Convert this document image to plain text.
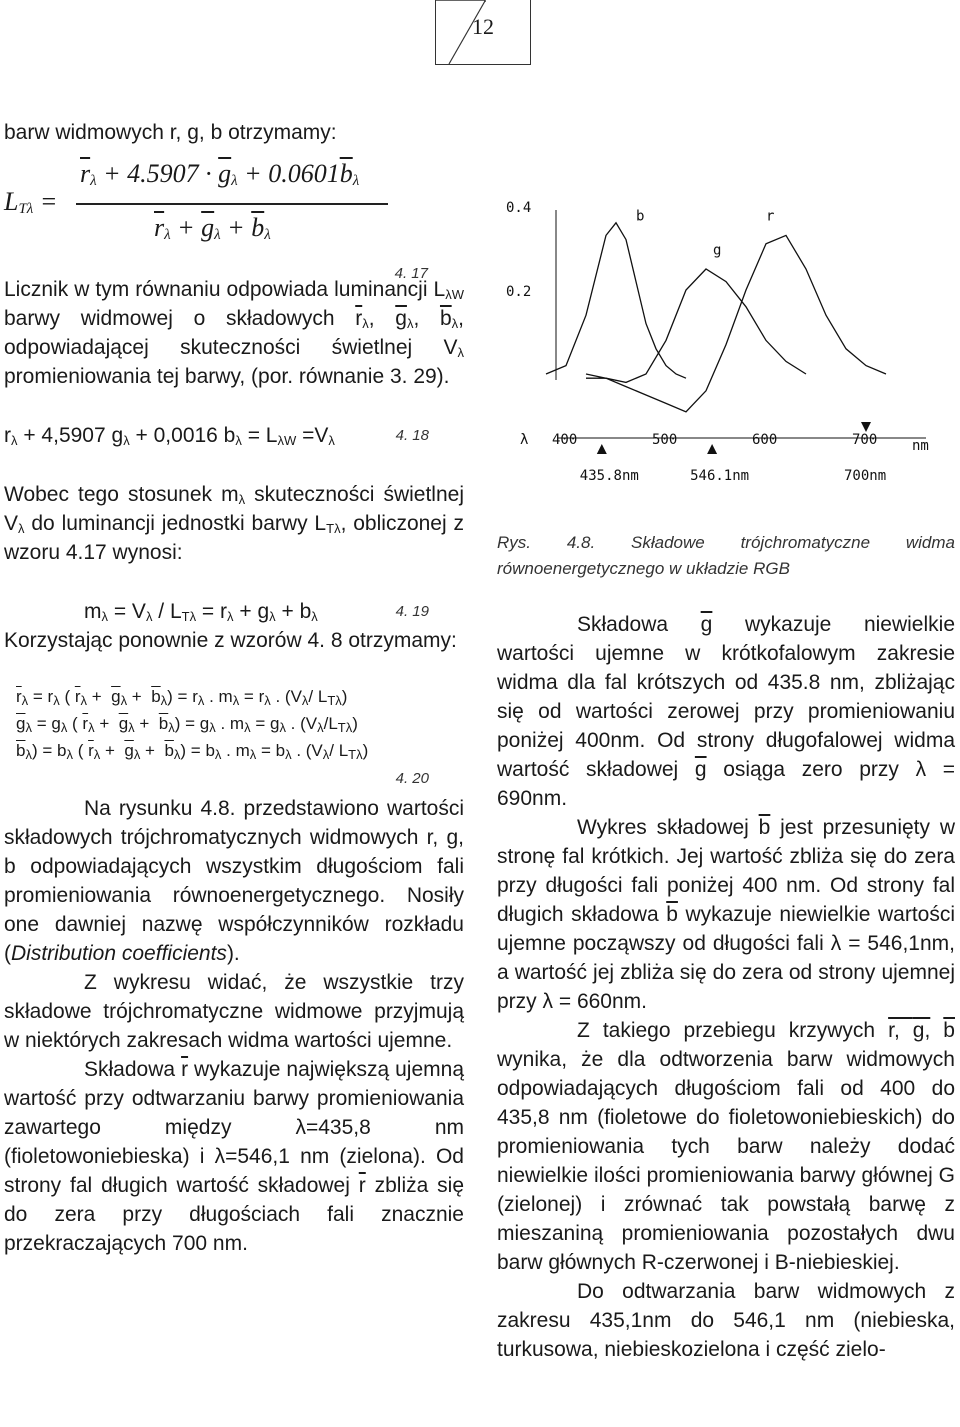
12

barw widmowych r, g, b otrzymamy:

$L_{T\lambda}$ =
$\overline{r}_\lambda + 4.5907 \cdot \overline{g}_\lambda + 0.0601\overline{b}_\lambda$
$\overline{r}_\lambda + \overline{g}_\lambda + \overline{b}_\lambda$
4. 17

Licznik w tym równaniu odpowiada luminancji $L_{\lambda W}$ barwy widmowej o składowych $\overline{r}_\lambda$, $\overline{g}_\lambda$, $\overline{b}_\lambda$, odpowiadającej skuteczności świetlnej $V_\lambda$ promieniowania tej barwy, (por. równanie 3. 29).

$r_\lambda + 4,5907$ $g_\lambda + 0,0016$ $b_\lambda = L_{\lambda W} =V_\lambda$	4. 18

Wobec tego stosunek $m_\lambda$ skuteczności świetlnej $V_\lambda$ do luminancji jednostki barwy $L_{T\lambda}$, obliczonej z wzoru 4.17 wynosi:

$m_\lambda = V_\lambda / L_{T\lambda} = r_\lambda + g_\lambda + b_\lambda$	4. 19

Korzystając ponownie z wzorów 4. 8 otrzymamy:

$\overline{r}_\lambda = r_\lambda$ ( $\overline{r}_\lambda + \overline{g}_\lambda + \overline{b}_\lambda) = r_\lambda$ . $m_\lambda = r_\lambda$ . ($V_\lambda/$ $L_{T\lambda}$)
$\overline{g}_\lambda = g_\lambda$ ( $\overline{r}_\lambda + \overline{g}_\lambda + \overline{b}_\lambda) = g_\lambda$ . $m_\lambda = g_\lambda$ . $(V_\lambda/L_{T\lambda})$
$\overline{b}_\lambda) = b_\lambda$ ( $\overline{r}_\lambda + \overline{g}_\lambda + \overline{b}_\lambda) = b_\lambda$ . $m_\lambda = b_\lambda$ . ($V_\lambda/$ $L_{T\lambda}$)
4. 20

Na rysunku 4.8. przedstawiono wartości składowych trójchromatycznych widmowych r, g, b odpowiadających wszystkim długościom fali promieniowania równoenergetycznego. Nosiły one dawniej nazwę współczynników rozkładu (Distribution coefficients).

Z wykresu widać, że wszystkie trzy składowe trójchromatyczne widmowe przyjmują w niektórych zakresach widma wartości ujemne.

Składowa $\overline{r}$ wykazuje największą ujemną wartość przy odtwarzaniu barwy promieniowania zawartego między λ=435,8 nm (fioletowoniebieska) i λ=546,1 nm (zielona). Od strony fal długich wartość składowej $\overline{r}$ zbliża się do zera przy długościach fali znacznie przekraczających 700 nm.

0.4
0.2
λ 400	500	600	700 nm
435.8nm	546.1nm	700nm
b
g
r
Rys. 4.8. Składowe trójchromatyczne widma równoenergetycznego w układzie RGB

Składowa $\overline{g}$ wykazuje niewielkie wartości ujemne w krótkofalowym zakresie widma dla fal krótszych od 435.8 nm, zbliżając się od wartości zerowej przy promieniowaniu poniżej 400nm. Od strony długofalowej widma wartość składowej $\overline{g}$ osiąga zero przy λ = 690nm.

Wykres składowej $\overline{b}$ jest przesunięty w stronę fal krótkich. Jej wartość zbliża się do zera przy długości fali poniżej 400 nm. Od strony fal długich składowa $\overline{b}$ wykazuje niewielkie wartości ujemne począwszy od długości fali λ = 546,1nm, a wartość jej zbliża się do zera od strony ujemnej przy λ = 660nm.

Z takiego przebiegu krzywych r, g, $\overline{b}$ wynika, że dla odtworzenia barw widmowych odpowiadających długościom fali od 400 do 435,8 nm (fioletowe do fioletowoniebieskich) do promieniowania tych barw należy dodać niewielkie ilości promieniowania barwy głównej G (zielonej) i zrównać tak powstałą barwę z mieszaniną promieniowania pozostałych dwu barw głównych R-czerwonej i B-niebieskiej.

Do odtwarzania barw widmowych z zakresu 435,1nm do 546,1 nm (niebieska, turkusowa, niebieskozielona i część zielo-
